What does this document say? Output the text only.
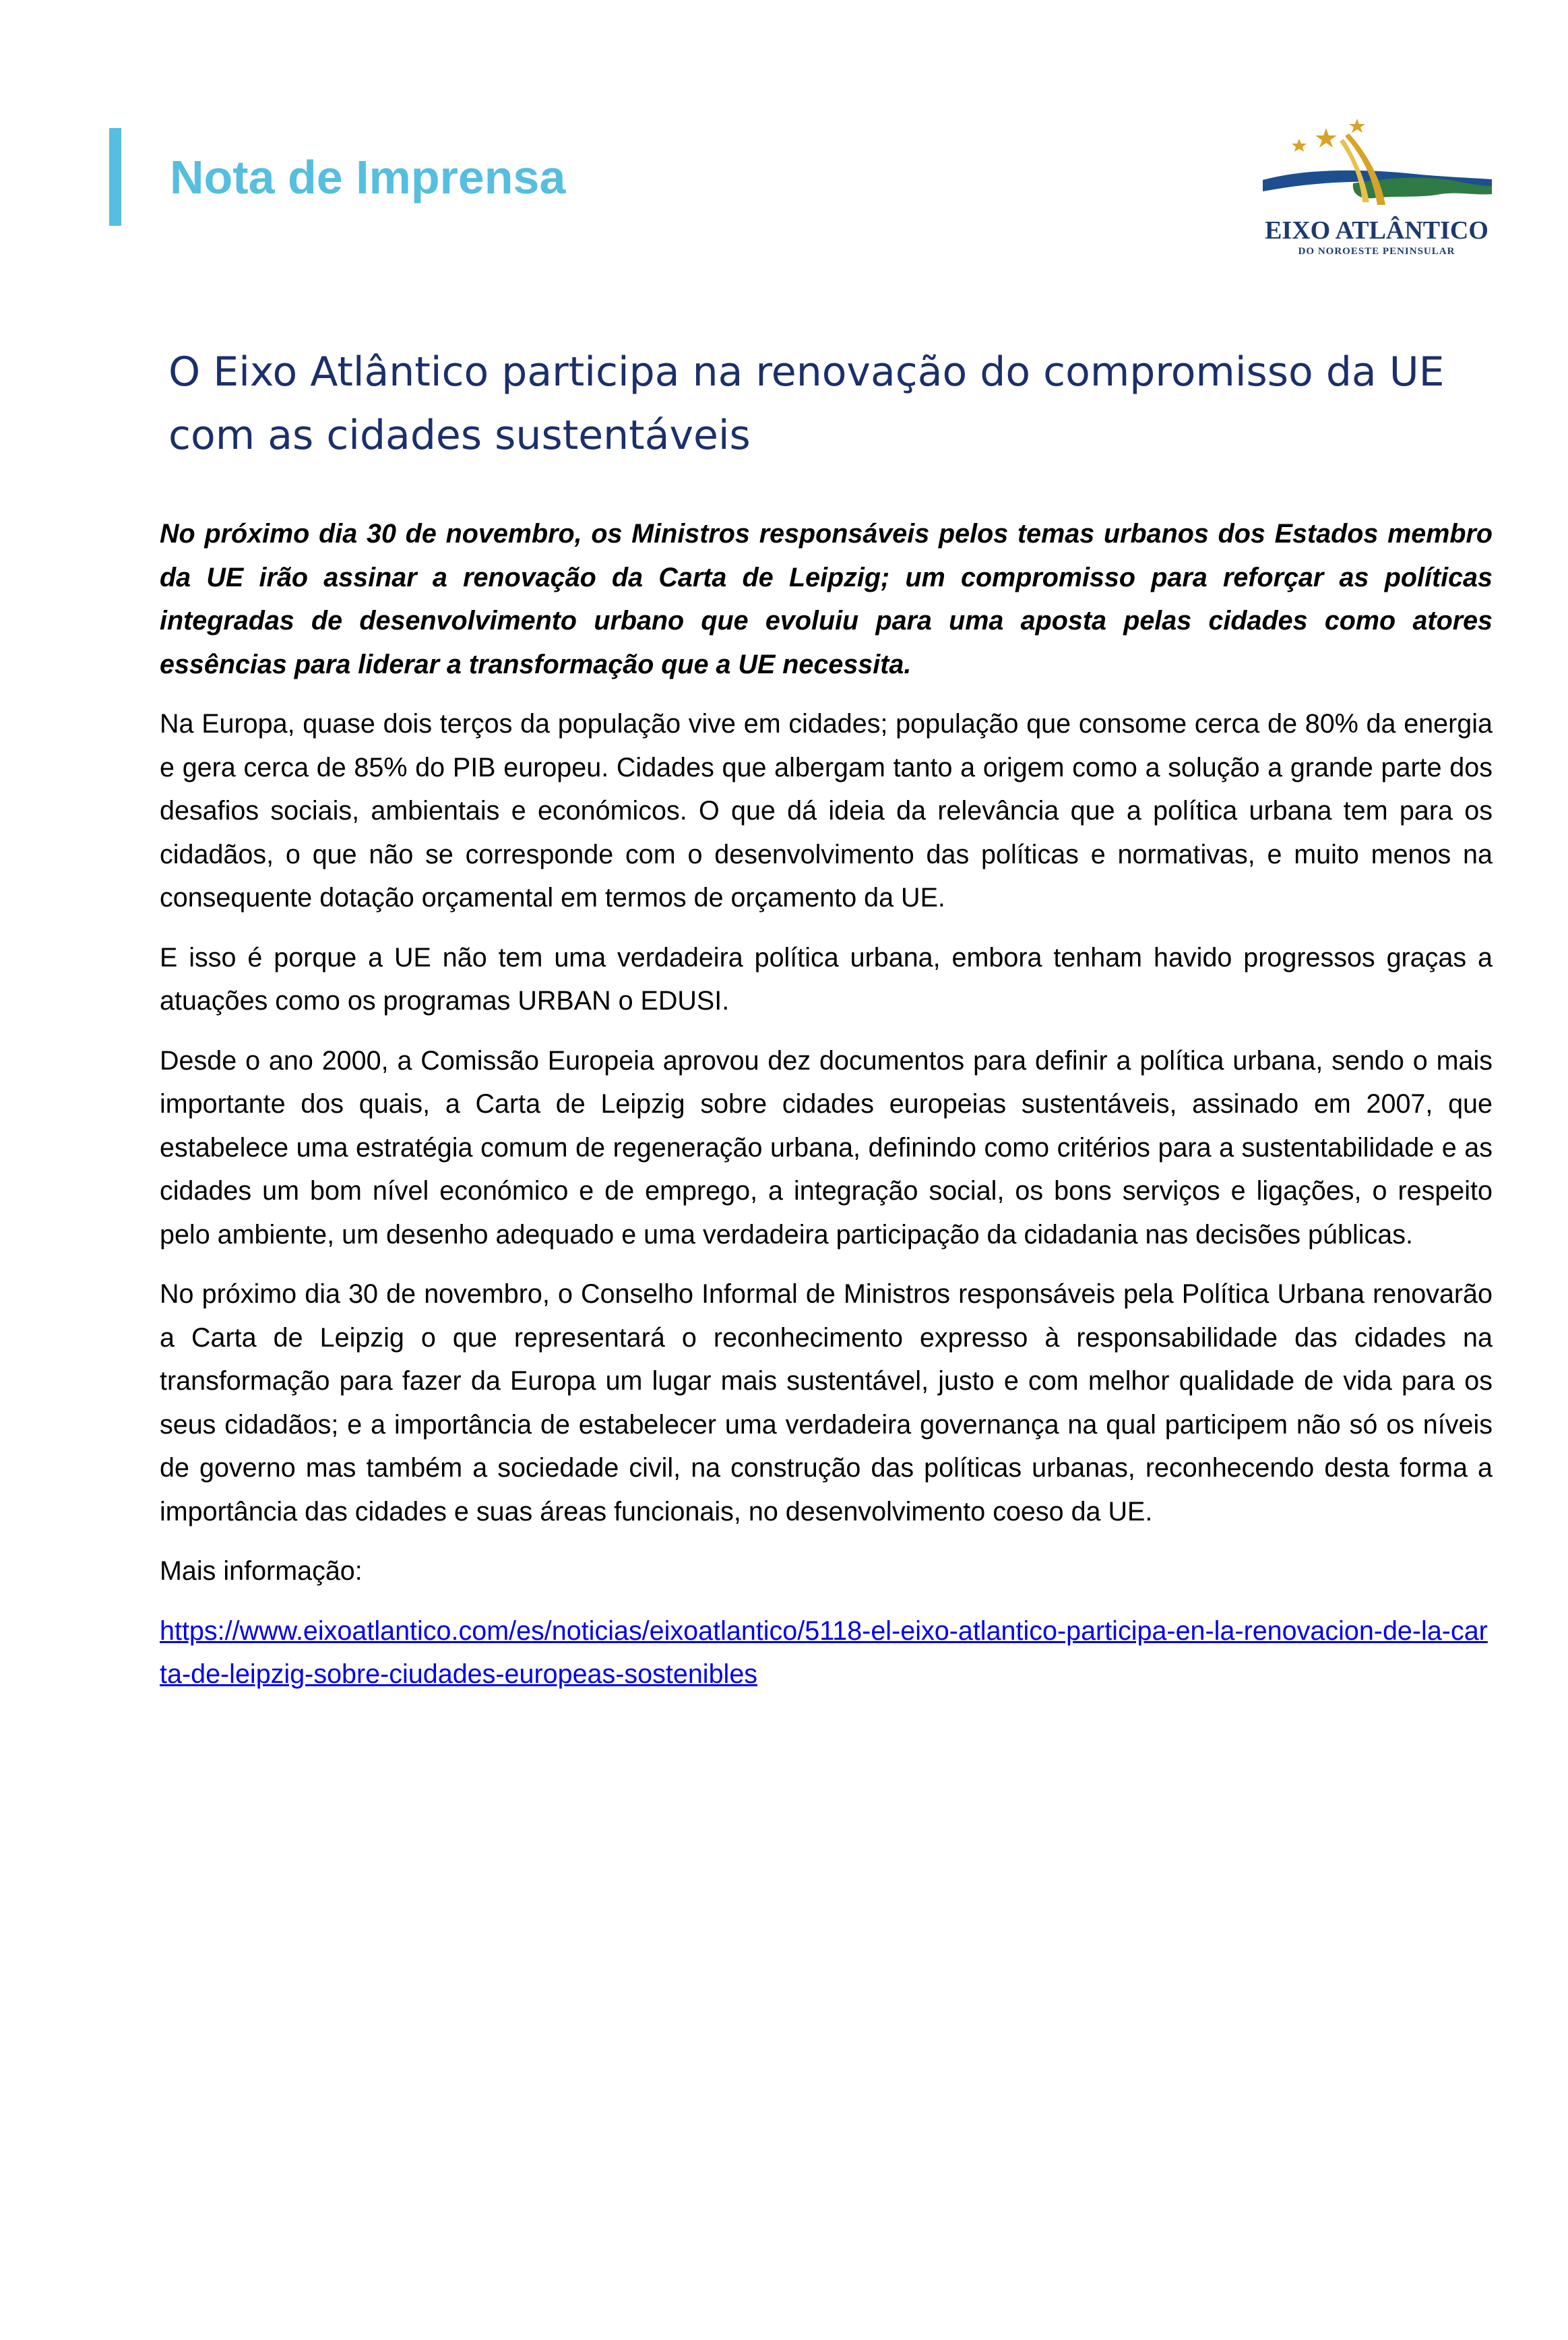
Nota de Imprensa
EIXO ATLÂNTICO
DO NOROESTE PENINSULAR
O Eixo Atlântico participa na renovação do compromisso da UE com as cidades sustentáveis

No próximo dia 30 de novembro, os Ministros responsáveis pelos temas urbanos dos Estados membro da UE irão assinar a renovação da Carta de Leipzig; um compromisso para reforçar as políticas integradas de desenvolvimento urbano que evoluiu para uma aposta pelas cidades como atores essências para liderar a transformação que a UE necessita.

Na Europa, quase dois terços da população vive em cidades; população que consome cerca de 80% da energia e gera cerca de 85% do PIB europeu. Cidades que albergam tanto a origem como a solução a grande parte dos desafios sociais, ambientais e económicos. O que dá ideia da relevância que a política urbana tem para os cidadãos, o que não se corresponde com o desenvolvimento das políticas e normativas, e muito menos na consequente dotação orçamental em termos de orçamento da UE.

E isso é porque a UE não tem uma verdadeira política urbana, embora tenham havido progressos graças a atuações como os programas URBAN o EDUSI.

Desde o ano 2000, a Comissão Europeia aprovou dez documentos para definir a política urbana, sendo o mais importante dos quais, a Carta de Leipzig sobre cidades europeias sustentáveis, assinado em 2007, que estabelece uma estratégia comum de regeneração urbana, definindo como critérios para a sustentabilidade e as cidades um bom nível económico e de emprego, a integração social, os bons serviços e ligações, o respeito pelo ambiente, um desenho adequado e uma verdadeira participação da cidadania nas decisões públicas.

No próximo dia 30 de novembro, o Conselho Informal de Ministros responsáveis pela Política Urbana renovarão a Carta de Leipzig o que representará o reconhecimento expresso à responsabilidade das cidades na transformação para fazer da Europa um lugar mais sustentável, justo e com melhor qualidade de vida para os seus cidadãos; e a importância de estabelecer uma verdadeira governança na qual participem não só os níveis de governo mas também a sociedade civil, na construção das políticas urbanas, reconhecendo desta forma a importância das cidades e suas áreas funcionais, no desenvolvimento coeso da UE.

Mais informação:

https://www.eixoatlantico.com/es/noticias/eixoatlantico/5118-el-eixo-atlantico-participa-en-la-renovacion-de-la-carta-de-leipzig-sobre-ciudades-europeas-sostenibles
